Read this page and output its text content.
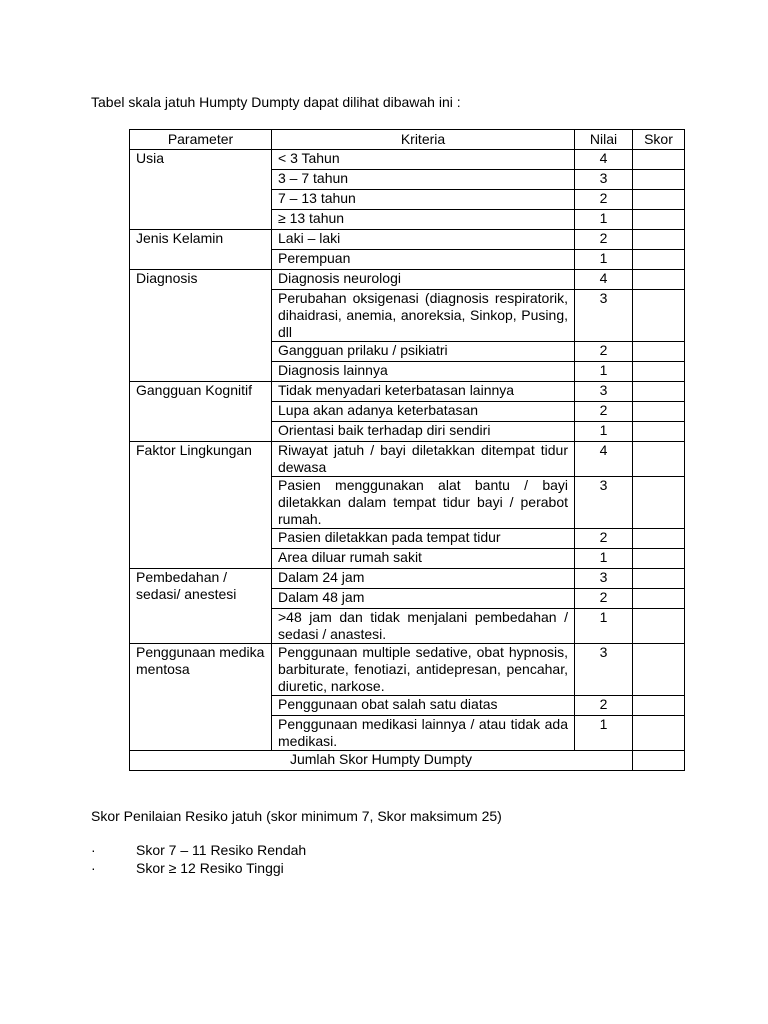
Tabel skala jatuh Humpty Dumpty dapat dilihat dibawah ini :

Parameter	Kriteria	Nilai	Skor
Usia	< 3 Tahun	4	
	3 – 7 tahun	3	
	7 – 13 tahun	2	
	≥ 13 tahun	1	
Jenis Kelamin	Laki – laki	2	
	Perempuan	1	
Diagnosis	Diagnosis neurologi	4	
	Perubahan oksigenasi (diagnosis respiratorik, dihaidrasi, anemia, anoreksia, Sinkop, Pusing, dll	3	
	Gangguan prilaku / psikiatri	2	
	Diagnosis lainnya	1	
Gangguan Kognitif	Tidak menyadari keterbatasan lainnya	3	
	Lupa akan adanya keterbatasan	2	
	Orientasi baik terhadap diri sendiri	1	
Faktor Lingkungan	Riwayat jatuh / bayi diletakkan ditempat tidur dewasa	4	
	Pasien menggunakan alat bantu / bayi diletakkan dalam tempat tidur bayi / perabot rumah.	3	
	Pasien diletakkan pada tempat tidur	2	
	Area diluar rumah sakit	1	
Pembedahan / sedasi/ anestesi	Dalam 24 jam	3	
	Dalam 48 jam	2	
	>48 jam dan tidak menjalani pembedahan / sedasi / anastesi.	1	
Penggunaan medika mentosa	Penggunaan multiple sedative, obat hypnosis, barbiturate, fenotiazi, antidepresan, pencahar, diuretic, narkose.	3	
	Penggunaan obat salah satu diatas	2	
	Penggunaan medikasi lainnya / atau tidak ada medikasi.	1	
Jumlah Skor Humpty Dumpty			

Skor Penilaian Resiko jatuh (skor minimum 7, Skor maksimum 25)

·	Skor 7 – 11 Resiko Rendah
·	Skor ≥ 12 Resiko Tinggi
